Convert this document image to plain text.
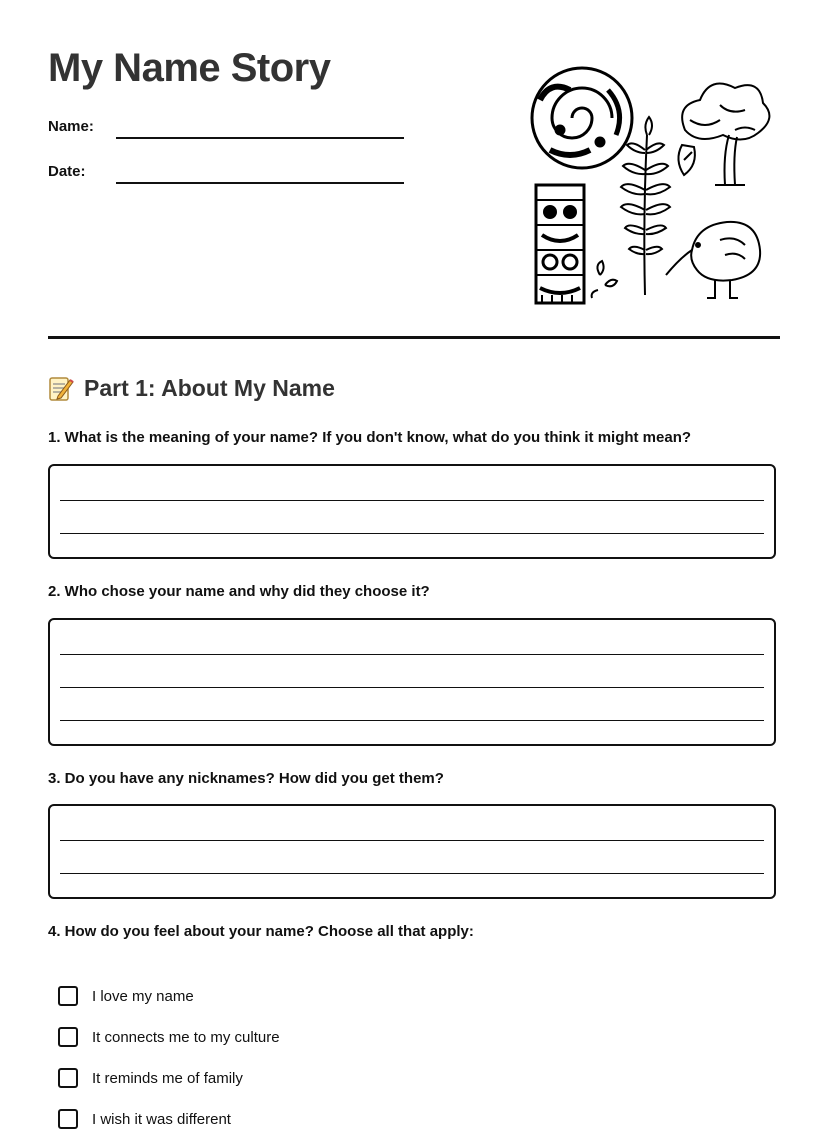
My Name Story
Name:
Date:
Part 1: About My Name

1. What is the meaning of your name? If you don't know, what do you think it might mean?

2. Who chose your name and why did they choose it?

3. Do you have any nicknames? How did you get them?

4. How do you feel about your name? Choose all that apply:

I love my name
It connects me to my culture
It reminds me of family
I wish it was different
